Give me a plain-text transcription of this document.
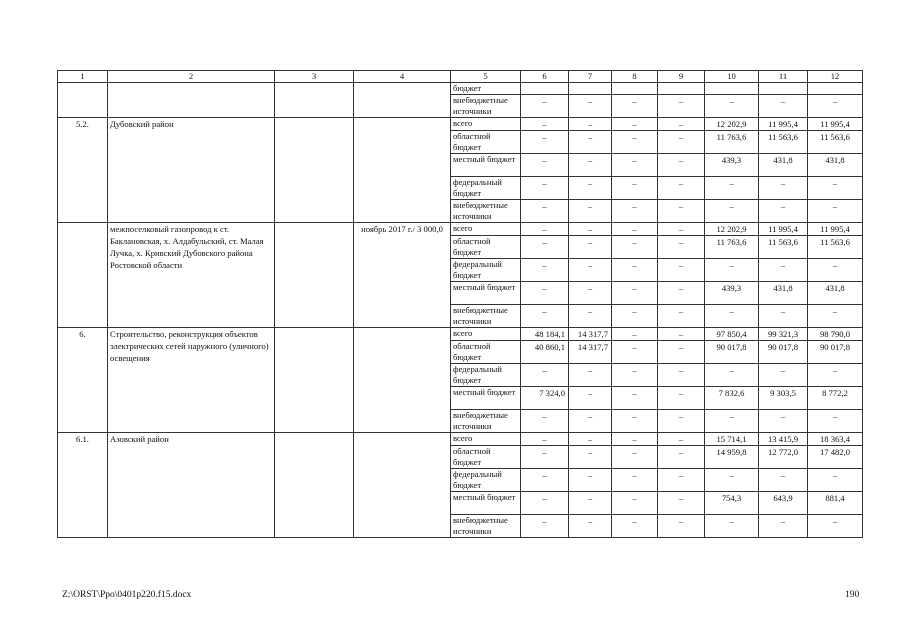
1	2	3	4	5	6	7	8	9	10	11	12
				бюджет							
				внебюджетные источники	–	–	–	–	–	–	–
5.2.	Дубовский район			всего	–	–	–	–	12 202,9	11 995,4	11 995,4
				областной бюджет	–	–	–	–	11 763,6	11 563,6	11 563,6
				местный бюджет	–	–	–	–	439,3	431,8	431,8
				федеральный бюджет	–	–	–	–	–	–	–
				внебюджетные источники	–	–	–	–	–	–	–
	межпоселковый газопровод к ст. Баклановская, х. Алдабульский, ст. Малая Лучка, х. Кривский Дубовского района Ростовской области		ноябрь 2017 г./ 3 000,0	всего	–	–	–	–	12 202,9	11 995,4	11 995,4
				областной бюджет	–	–	–	–	11 763,6	11 563,6	11 563,6
				федеральный бюджет	–	–	–	–	–	–	–
				местный бюджет	–	–	–	–	439,3	431,8	431,8
				внебюджетные источники	–	–	–	–	–	–	–
6.	Строительство, реконструкция объектов электрических сетей наружного (уличного) освещения			всего	48 184,1	14 317,7	–	–	97 850,4	99 321,3	98 790,0
				областной бюджет	40 860,1	14 317,7	–	–	90 017,8	90 017,8	90 017,8
				федеральный бюджет	–	–	–	–	–	–	–
				местный бюджет	7 324,0	–	–	–	7 832,6	9 303,5	8 772,2
				внебюджетные источники	–	–	–	–	–	–	–
6.1.	Азовский район			всего	–	–	–	–	15 714,1	13 415,9	18 363,4
				областной бюджет	–	–	–	–	14 959,8	12 772,0	17 482,0
				федеральный бюджет	–	–	–	–	–	–	–
				местный бюджет	–	–	–	–	754,3	643,9	881,4
				внебюджетные источники	–	–	–	–	–	–	–
Z:\ORST\Ppo\0401p220.f15.docx	190
